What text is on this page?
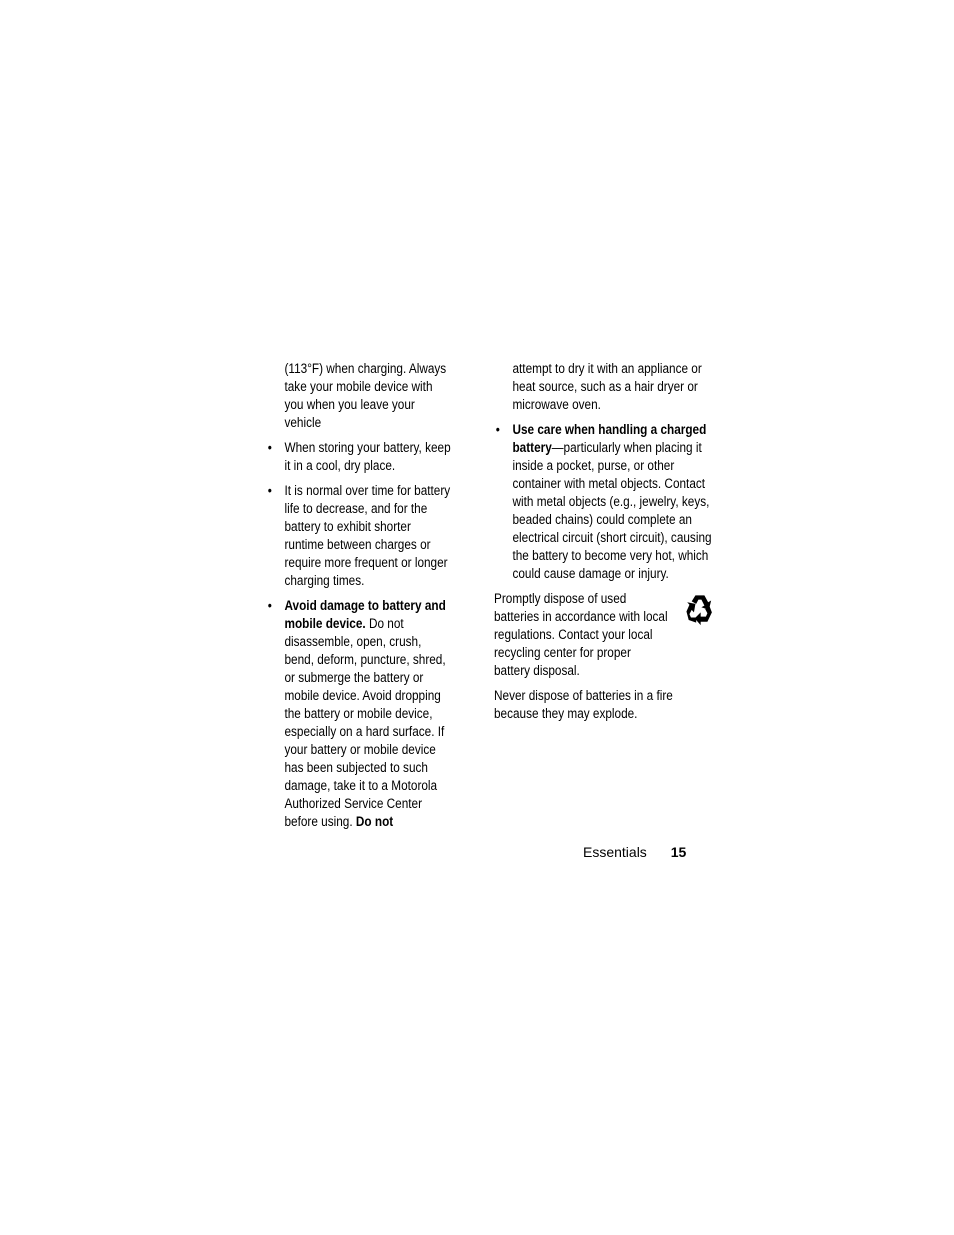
(113°F) when charging. Always take your mobile device with you when you leave your vehicle

• When storing your battery, keep it in a cool, dry place.
• It is normal over time for battery life to decrease, and for the battery to exhibit shorter runtime between charges or require more frequent or longer charging times.
• Avoid damage to battery and mobile device. Do not disassemble, open, crush, bend, deform, puncture, shred, or submerge the battery or mobile device. Avoid dropping the battery or mobile device, especially on a hard surface. If your battery or mobile device has been subjected to such damage, take it to a Motorola Authorized Service Center before using. Do not

attempt to dry it with an appliance or heat source, such as a hair dryer or microwave oven.

• Use care when handling a charged battery—particularly when placing it inside a pocket, purse, or other container with metal objects. Contact with metal objects (e.g., jewelry, keys, beaded chains) could complete an electrical circuit (short circuit), causing the battery to become very hot, which could cause damage or injury.

Promptly dispose of used batteries in accordance with local regulations. Contact your local recycling center for proper battery disposal.

Never dispose of batteries in a fire because they may explode.

Essentials 15
